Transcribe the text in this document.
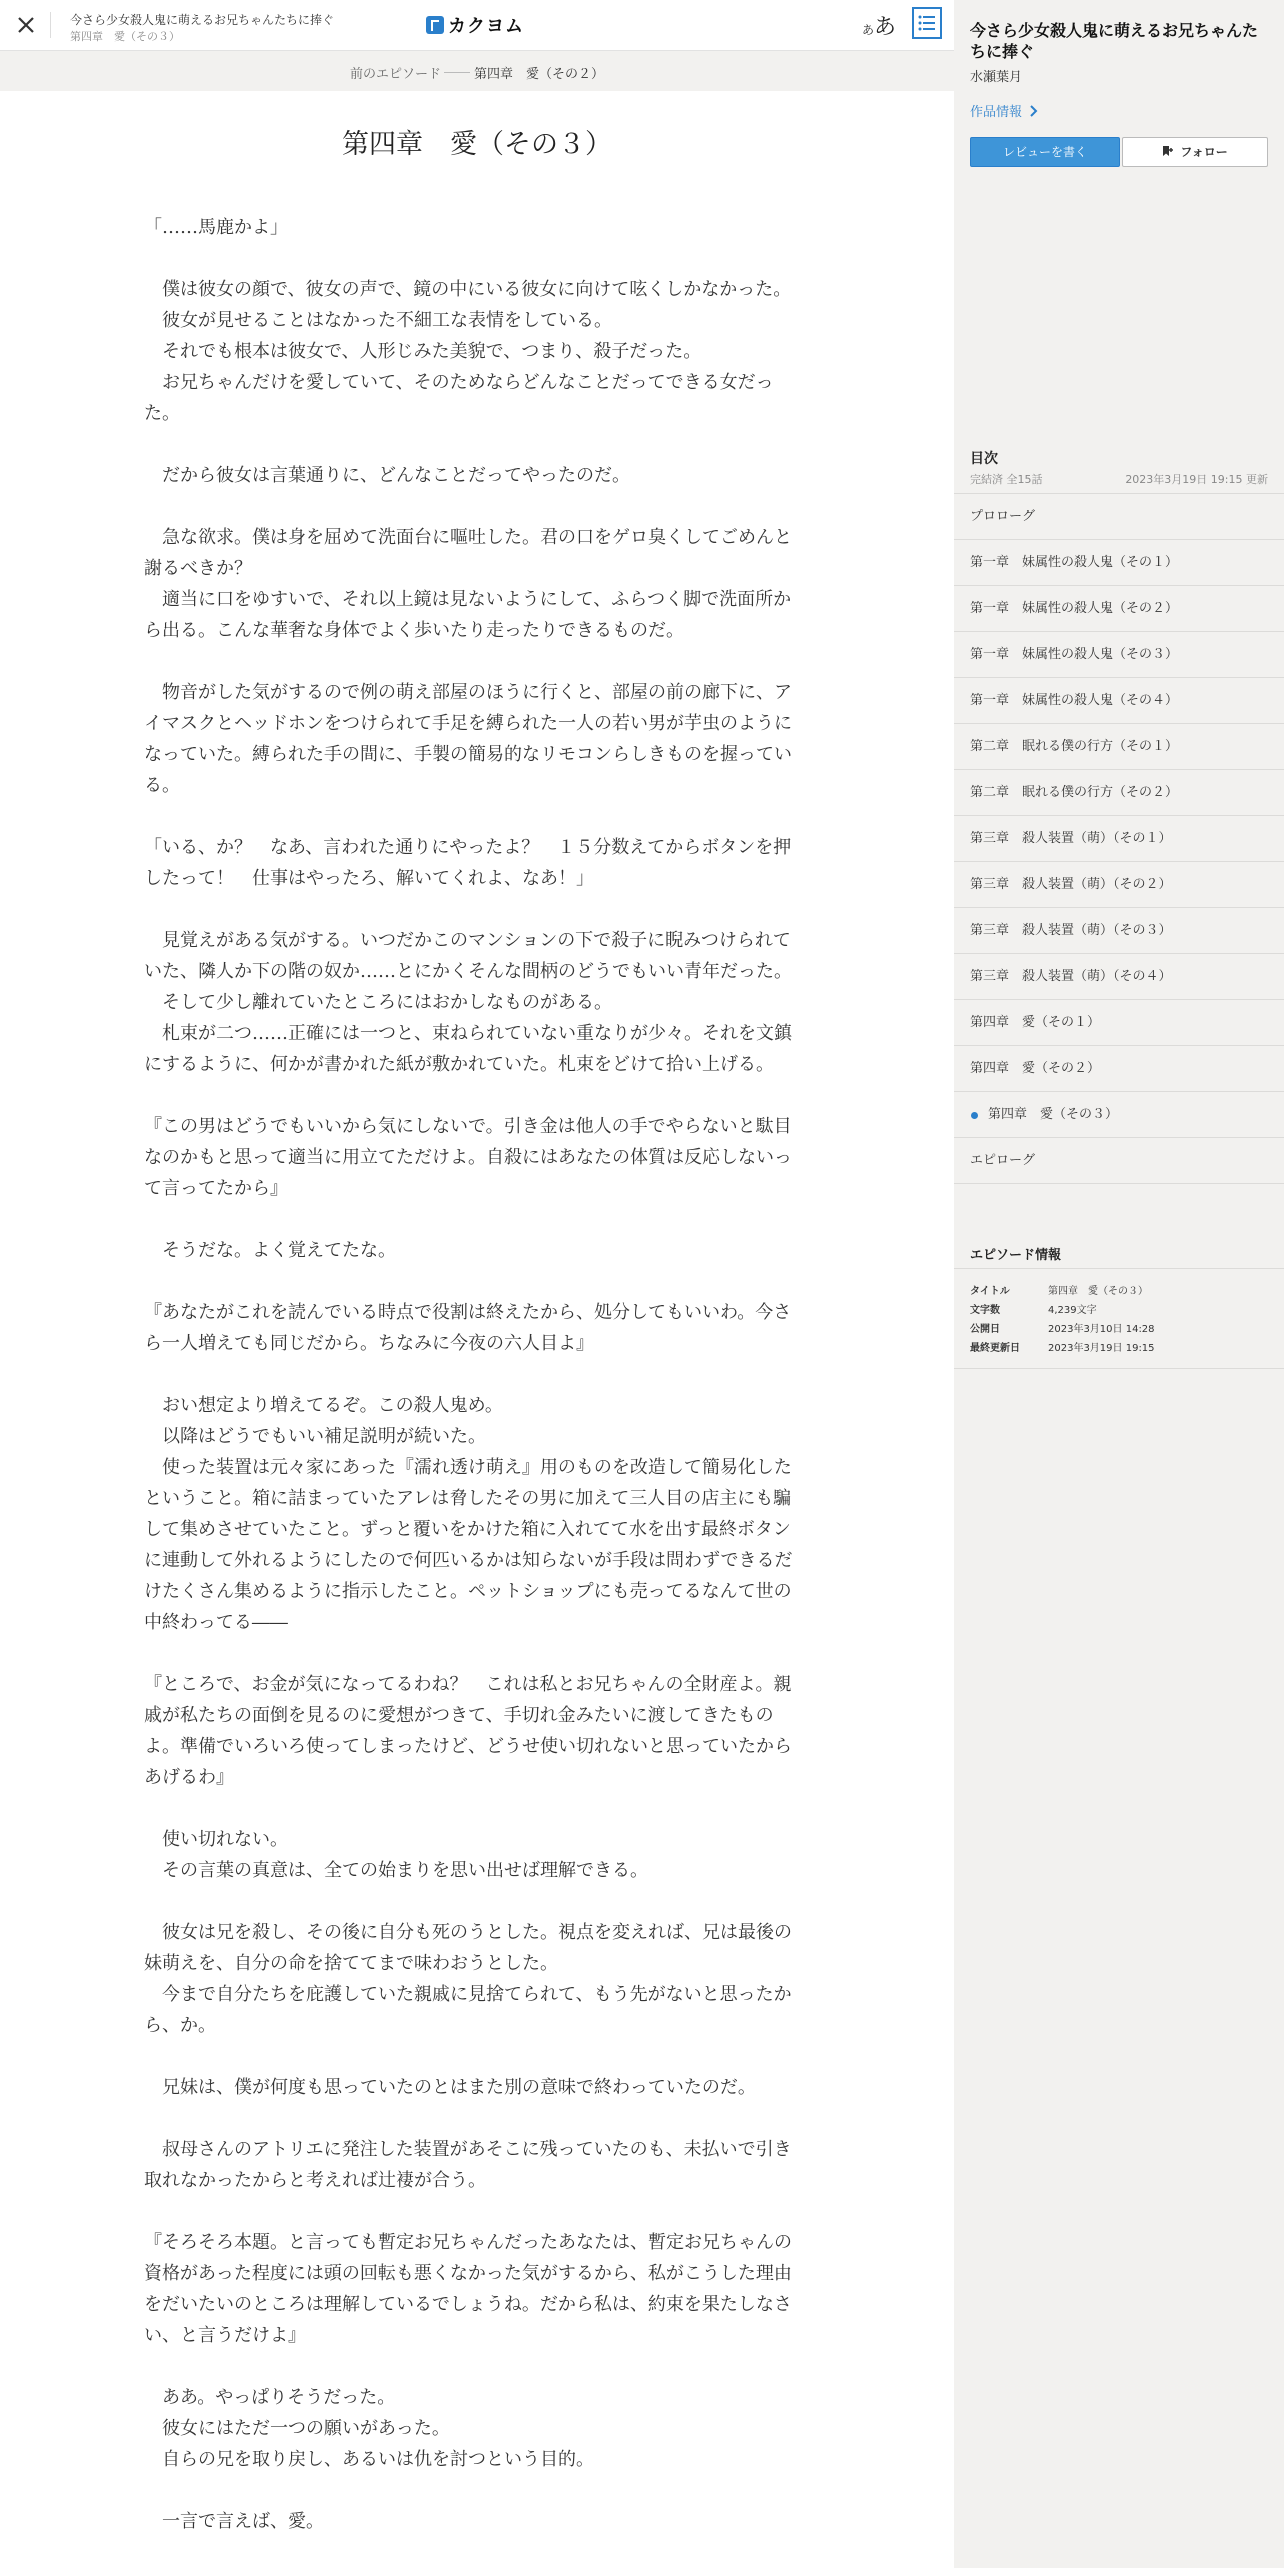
今さら少女殺人鬼に萌えるお兄ちゃんたちに捧ぐ
第四章　愛（その３）	カクヨム	ああ
前のエピソード	第四章　愛（その２）
第四章　愛（その３）

「……馬鹿かよ」

　僕は彼女の顔で、彼女の声で、鏡の中にいる彼女に向けて呟くしかなかった。

　彼女が見せることはなかった不細工な表情をしている。

　それでも根本は彼女で、人形じみた美貌で、つまり、殺子だった。

　お兄ちゃんだけを愛していて、そのためならどんなことだってできる女だった。

　だから彼女は言葉通りに、どんなことだってやったのだ。

　急な欲求。僕は身を屈めて洗面台に嘔吐した。君の口をゲロ臭くしてごめんと謝るべきか？

　適当に口をゆすいで、それ以上鏡は見ないようにして、ふらつく脚で洗面所から出る。こんな華奢な身体でよく歩いたり走ったりできるものだ。

　物音がした気がするので例の萌え部屋のほうに行くと、部屋の前の廊下に、アイマスクとヘッドホンをつけられて手足を縛られた一人の若い男が芋虫のようになっていた。縛られた手の間に、手製の簡易的なリモコンらしきものを握っている。

「いる、か？　なあ、言われた通りにやったよ？　１５分数えてからボタンを押したって！　仕事はやったろ、解いてくれよ、なあ！」

　見覚えがある気がする。いつだかこのマンションの下で殺子に睨みつけられていた、隣人か下の階の奴か……とにかくそんな間柄のどうでもいい青年だった。

　そして少し離れていたところにはおかしなものがある。

　札束が二つ……正確には一つと、束ねられていない重なりが少々。それを文鎮にするように、何かが書かれた紙が敷かれていた。札束をどけて拾い上げる。

『この男はどうでもいいから気にしないで。引き金は他人の手でやらないと駄目なのかもと思って適当に用立てただけよ。自殺にはあなたの体質は反応しないって言ってたから』

　そうだな。よく覚えてたな。

『あなたがこれを読んでいる時点で役割は終えたから、処分してもいいわ。今さら一人増えても同じだから。ちなみに今夜の六人目よ』

　おい想定より増えてるぞ。この殺人鬼め。

　以降はどうでもいい補足説明が続いた。

　使った装置は元々家にあった『濡れ透け萌え』用のものを改造して簡易化したということ。箱に詰まっていたアレは脅したその男に加えて三人目の店主にも騙して集めさせていたこと。ずっと覆いをかけた箱に入れてて水を出す最終ボタンに連動して外れるようにしたので何匹いるかは知らないが手段は問わずできるだけたくさん集めるように指示したこと。ペットショップにも売ってるなんて世の中終わってる――

『ところで、お金が気になってるわね？　これは私とお兄ちゃんの全財産よ。親戚が私たちの面倒を見るのに愛想がつきて、手切れ金みたいに渡してきたものよ。準備でいろいろ使ってしまったけど、どうせ使い切れないと思っていたからあげるわ』

　使い切れない。

　その言葉の真意は、全ての始まりを思い出せば理解できる。

　彼女は兄を殺し、その後に自分も死のうとした。視点を変えれば、兄は最後の妹萌えを、自分の命を捨ててまで味わおうとした。

　今まで自分たちを庇護していた親戚に見捨てられて、もう先がないと思ったから、か。

　兄妹は、僕が何度も思っていたのとはまた別の意味で終わっていたのだ。

　叔母さんのアトリエに発注した装置があそこに残っていたのも、未払いで引き取れなかったからと考えれば辻褄が合う。

『そろそろ本題。と言っても暫定お兄ちゃんだったあなたは、暫定お兄ちゃんの資格があった程度には頭の回転も悪くなかった気がするから、私がこうした理由をだいたいのところは理解しているでしょうね。だから私は、約束を果たしなさい、と言うだけよ』

　ああ。やっぱりそうだった。

　彼女にはただ一つの願いがあった。

　自らの兄を取り戻し、あるいは仇を討つという目的。

　一言で言えば、愛。

今さら少女殺人鬼に萌えるお兄ちゃんたちに捧ぐ
水瀬葉月
作品情報
レビューを書く	フォロー
目次
完結済 全15話	2023年3月19日 19:15 更新
プロローグ
第一章　妹属性の殺人鬼（その１）
第一章　妹属性の殺人鬼（その２）
第一章　妹属性の殺人鬼（その３）
第一章　妹属性の殺人鬼（その４）
第二章　眠れる僕の行方（その１）
第二章　眠れる僕の行方（その２）
第三章　殺人装置（萌）（その１）
第三章　殺人装置（萌）（その２）
第三章　殺人装置（萌）（その３）
第三章　殺人装置（萌）（その４）
第四章　愛（その１）
第四章　愛（その２）
第四章　愛（その３）
エピローグ
エピソード情報
タイトル	第四章　愛（その３）
文字数	4,239文字
公開日	2023年3月10日 14:28
最終更新日	2023年3月19日 19:15
